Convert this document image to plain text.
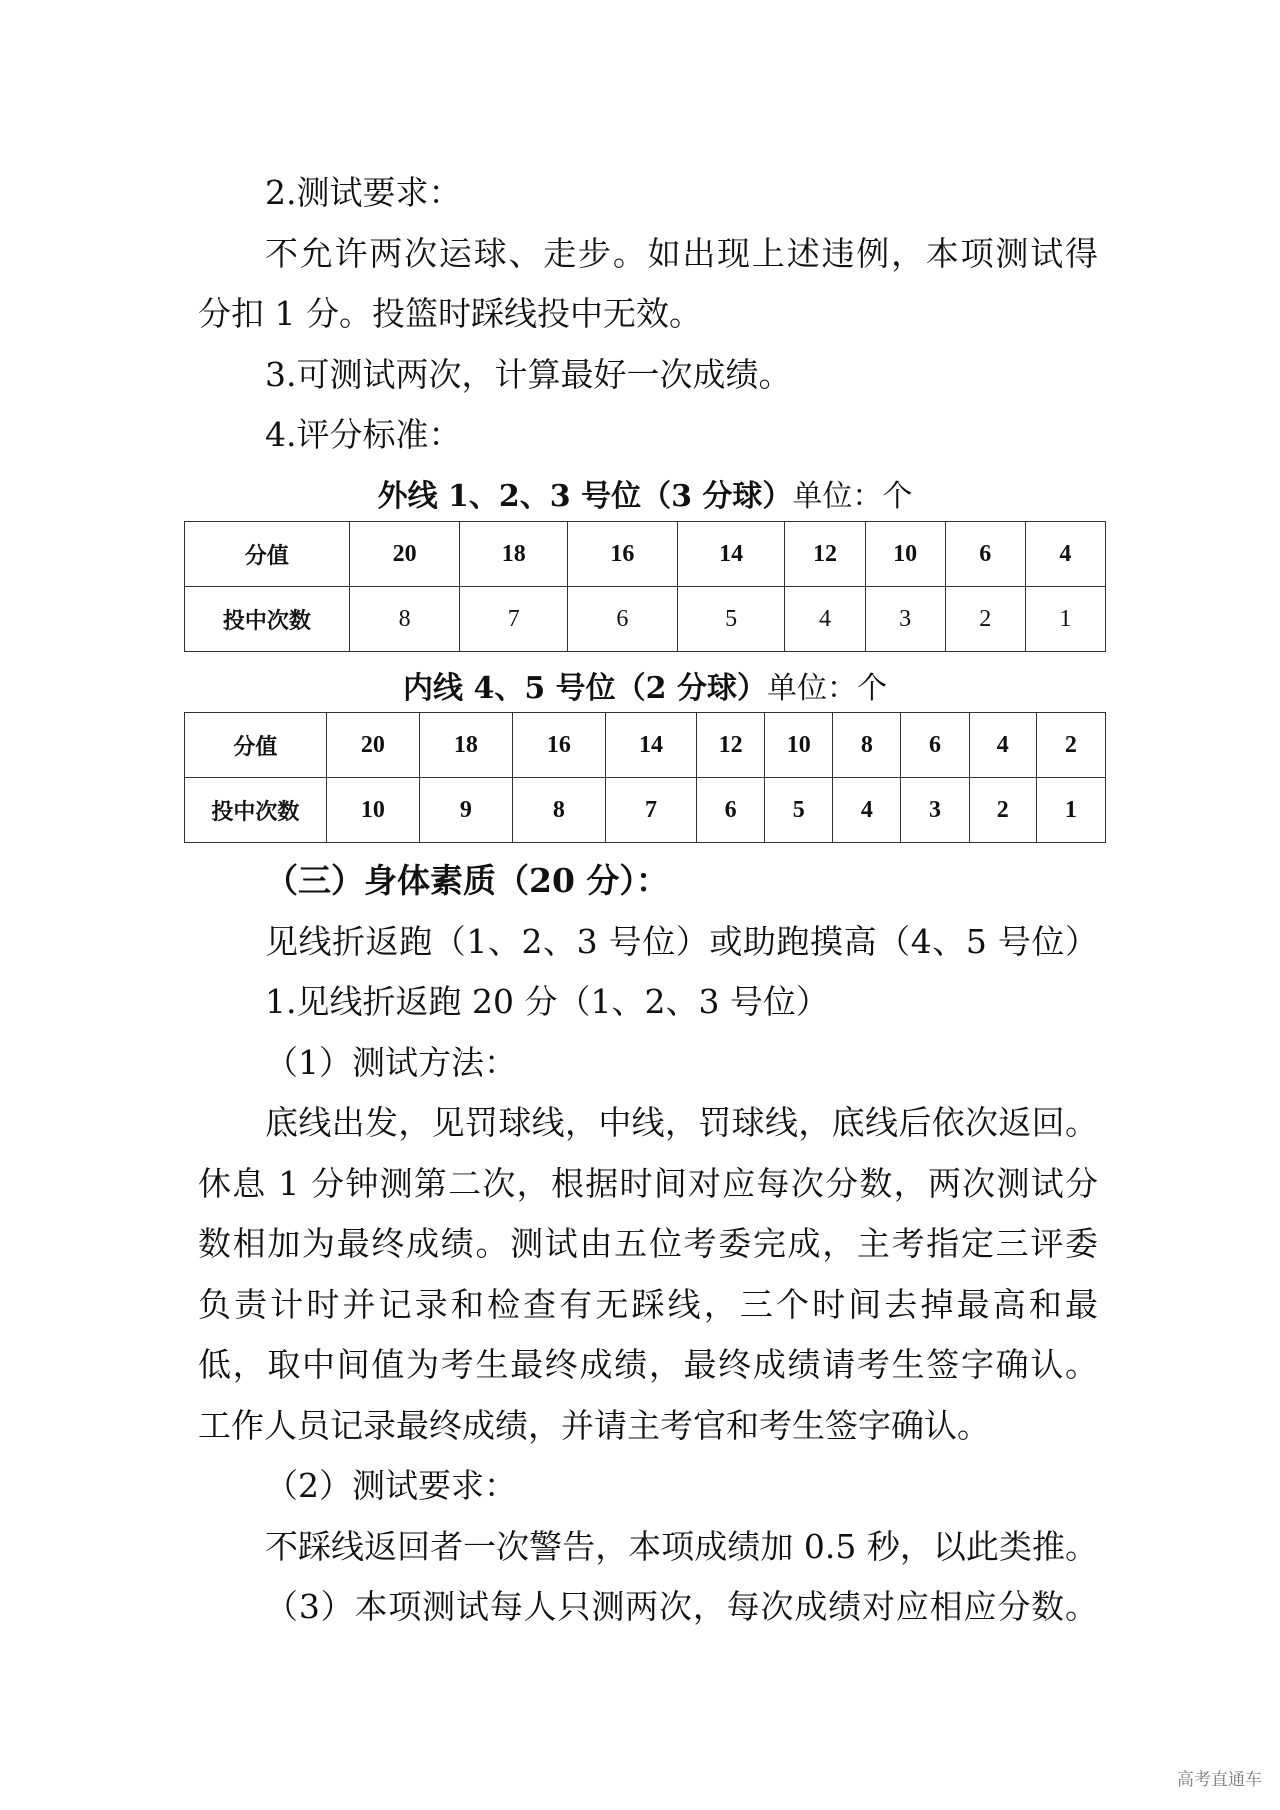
2.测试要求：
不允许两次运球、走步。如出现上述违例，本项测试得
分扣 1 分。投篮时踩线投中无效。
3.可测试两次，计算最好一次成绩。
4.评分标准：
外线 1、2、3 号位（3 分球）单位：个
分值	20	18	16	14	12	10	6	4
投中次数	8	7	6	5	4	3	2	1
内线 4、5 号位（2 分球）单位：个
分值	20	18	16	14	12	10	8	6	4	2
投中次数	10	9	8	7	6	5	4	3	2	1
（三）身体素质（20 分）：
见线折返跑（1、2、3 号位）或助跑摸高（4、5 号位）
1.见线折返跑 20 分（1、2、3 号位）
（1）测试方法：
底线出发，见罚球线，中线，罚球线，底线后依次返回。
休息 1 分钟测第二次，根据时间对应每次分数，两次测试分
数相加为最终成绩。测试由五位考委完成，主考指定三评委
负责计时并记录和检查有无踩线，三个时间去掉最高和最
低，取中间值为考生最终成绩，最终成绩请考生签字确认。
工作人员记录最终成绩，并请主考官和考生签字确认。
（2）测试要求：
不踩线返回者一次警告，本项成绩加 0.5 秒，以此类推。
（3）本项测试每人只测两次，每次成绩对应相应分数。
高考直通车
